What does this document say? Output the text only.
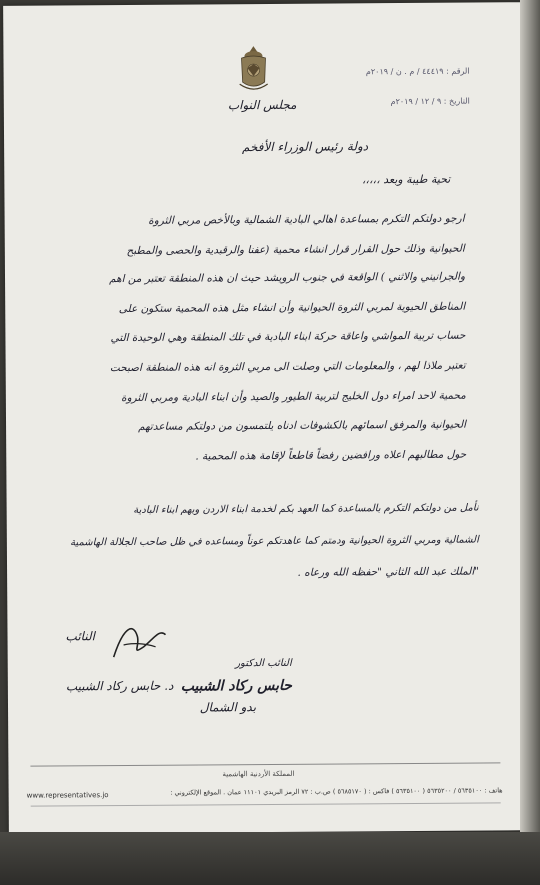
مجلس النواب
الرقم : ٤٤٤١٩ / م . ن / ٢٠١٩م
التاريخ : ٩ / ١٢ / ٢٠١٩م
دولة رئيس الوزراء الأفخم
تحية طيبة وبعد ،،،،،
ارجو دولتكم التكرم بمساعدة اهالي البادية الشمالية وبالأخص مربي الثروة
الحيوانية وذلك حول القرار قرار انشاء محمية (عفنا والرقبدية والحصى والمطبح
والجرانيني والاثني ) الواقعة في جنوب الرويشد حيث ان هذه المنطقة تعتبر من اهم
المناطق الحيوية لمربي الثروة الحيوانية وأن انشاء مثل هذه المحمية ستكون على
حساب تربية المواشي واعاقة حركة ابناء البادية في تلك المنطقة وهي الوحيدة التي
تعتبر ملاذا لهم ، والمعلومات التي وصلت الى مربي الثروة انه هذه المنطقة اصبحت
محمية لاحد امراء دول الخليج لتربية الطيور والصيد وأن ابناء البادية ومربي الثروة
الحيوانية والمرفق اسمائهم بالكشوفات ادناه يلتمسون من دولتكم مساعدتهم
حول مطالبهم اعلاه ورافضين رفضاً قاطعاً لإقامة هذه المحمية .
نأمل من دولتكم التكرم بالمساعدة كما العهد بكم لخدمة ابناء الاردن وبهم ابناء البادية
الشمالية ومربي الثروة الحيوانية ودمتم كما عاهدتكم عوناً ومساعده في ظل صاحب الجلالة الهاشمية
"الملك عبد الله الثاني "حفظه الله ورعاه .
النائب
د. حابس ركاد الشبيب
النائب الدكتور
حابس ركاد الشبيب
بدو الشمال
المملكة الأردنية الهاشمية
هاتف : ٥٦٣٥١٠٠ / ٥٦٣٥٢٠٠ ( ٥٦٣٥١٠٠ ) فاكس : ( ٥٦٨٥١٧٠ ) ص.ب : ٧٢ الرمز البريدي ١١١٠١ عمان . الموقع الإلكتروني :
www.representatives.jo
